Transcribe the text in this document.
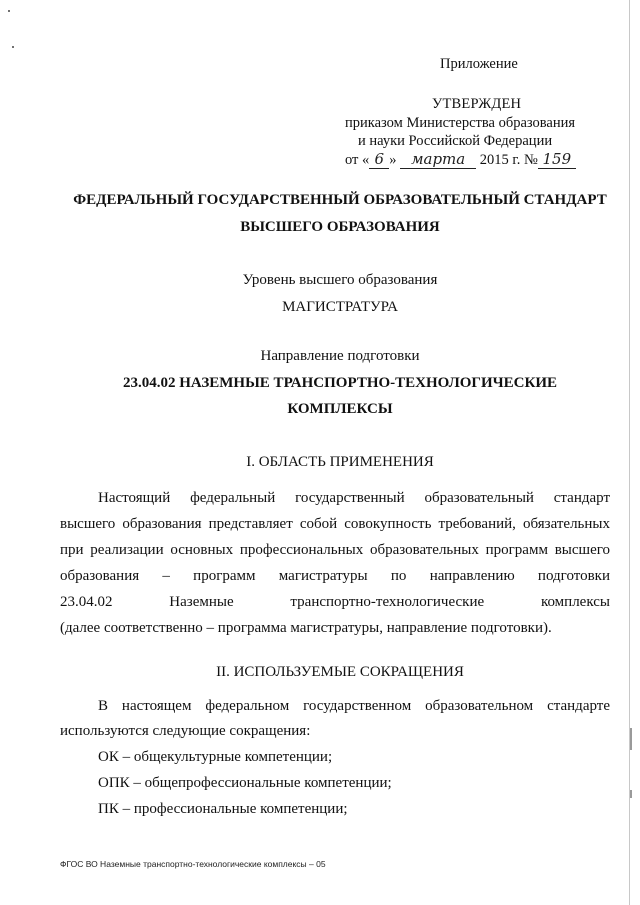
Приложение
УТВЕРЖДЕН
приказом Министерства образования
и науки Российской Федерации
от « 6 » марта 2015 г. № 159
ФЕДЕРАЛЬНЫЙ ГОСУДАРСТВЕННЫЙ ОБРАЗОВАТЕЛЬНЫЙ СТАНДАРТ
ВЫСШЕГО ОБРАЗОВАНИЯ
Уровень высшего образования
МАГИСТРАТУРА
Направление подготовки
23.04.02 НАЗЕМНЫЕ ТРАНСПОРТНО-ТЕХНОЛОГИЧЕСКИЕ
КОМПЛЕКСЫ
I. ОБЛАСТЬ ПРИМЕНЕНИЯ
Настоящий федеральный государственный образовательный стандарт
высшего образования представляет собой совокупность требований, обязательных
при реализации основных профессиональных образовательных программ высшего
образования – программ магистратуры по направлению подготовки
23.04.02 Наземные транспортно-технологические комплексы
(далее соответственно – программа магистратуры, направление подготовки).
II. ИСПОЛЬЗУЕМЫЕ СОКРАЩЕНИЯ
В настоящем федеральном государственном образовательном стандарте
используются следующие сокращения:
ОК – общекультурные компетенции;
ОПК – общепрофессиональные компетенции;
ПК – профессиональные компетенции;
ФГОС ВО Наземные транспортно-технологические комплексы – 05
